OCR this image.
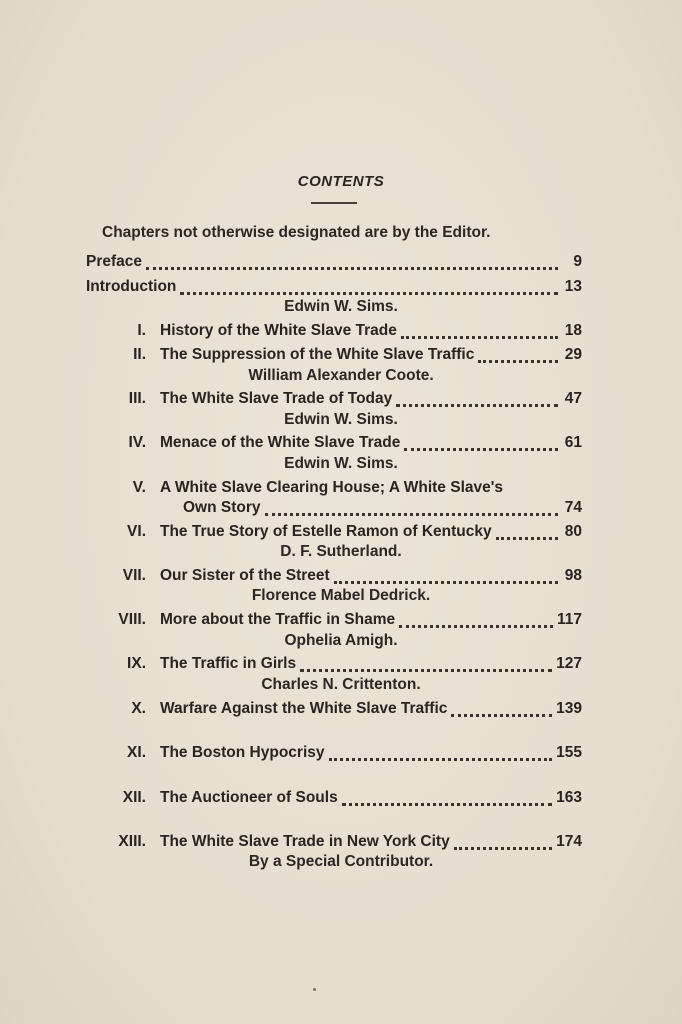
CONTENTS
Chapters not otherwise designated are by the Editor.
Preface	9
Introduction	13
Edwin W. Sims.
I. History of the White Slave Trade	18
II. The Suppression of the White Slave Traffic	29
William Alexander Coote.
III. The White Slave Trade of Today	47
Edwin W. Sims.
IV. Menace of the White Slave Trade	61
Edwin W. Sims.
V. A White Slave Clearing House; A White Slave's
Own Story	74
VI. The True Story of Estelle Ramon of Kentucky	80
D. F. Sutherland.
VII. Our Sister of the Street	98
Florence Mabel Dedrick.
VIII. More about the Traffic in Shame	117
Ophelia Amigh.
IX. The Traffic in Girls	127
Charles N. Crittenton.
X. Warfare Against the White Slave Traffic	139
XI. The Boston Hypocrisy	155
XII. The Auctioneer of Souls	163
XIII. The White Slave Trade in New York City	174
By a Special Contributor.
